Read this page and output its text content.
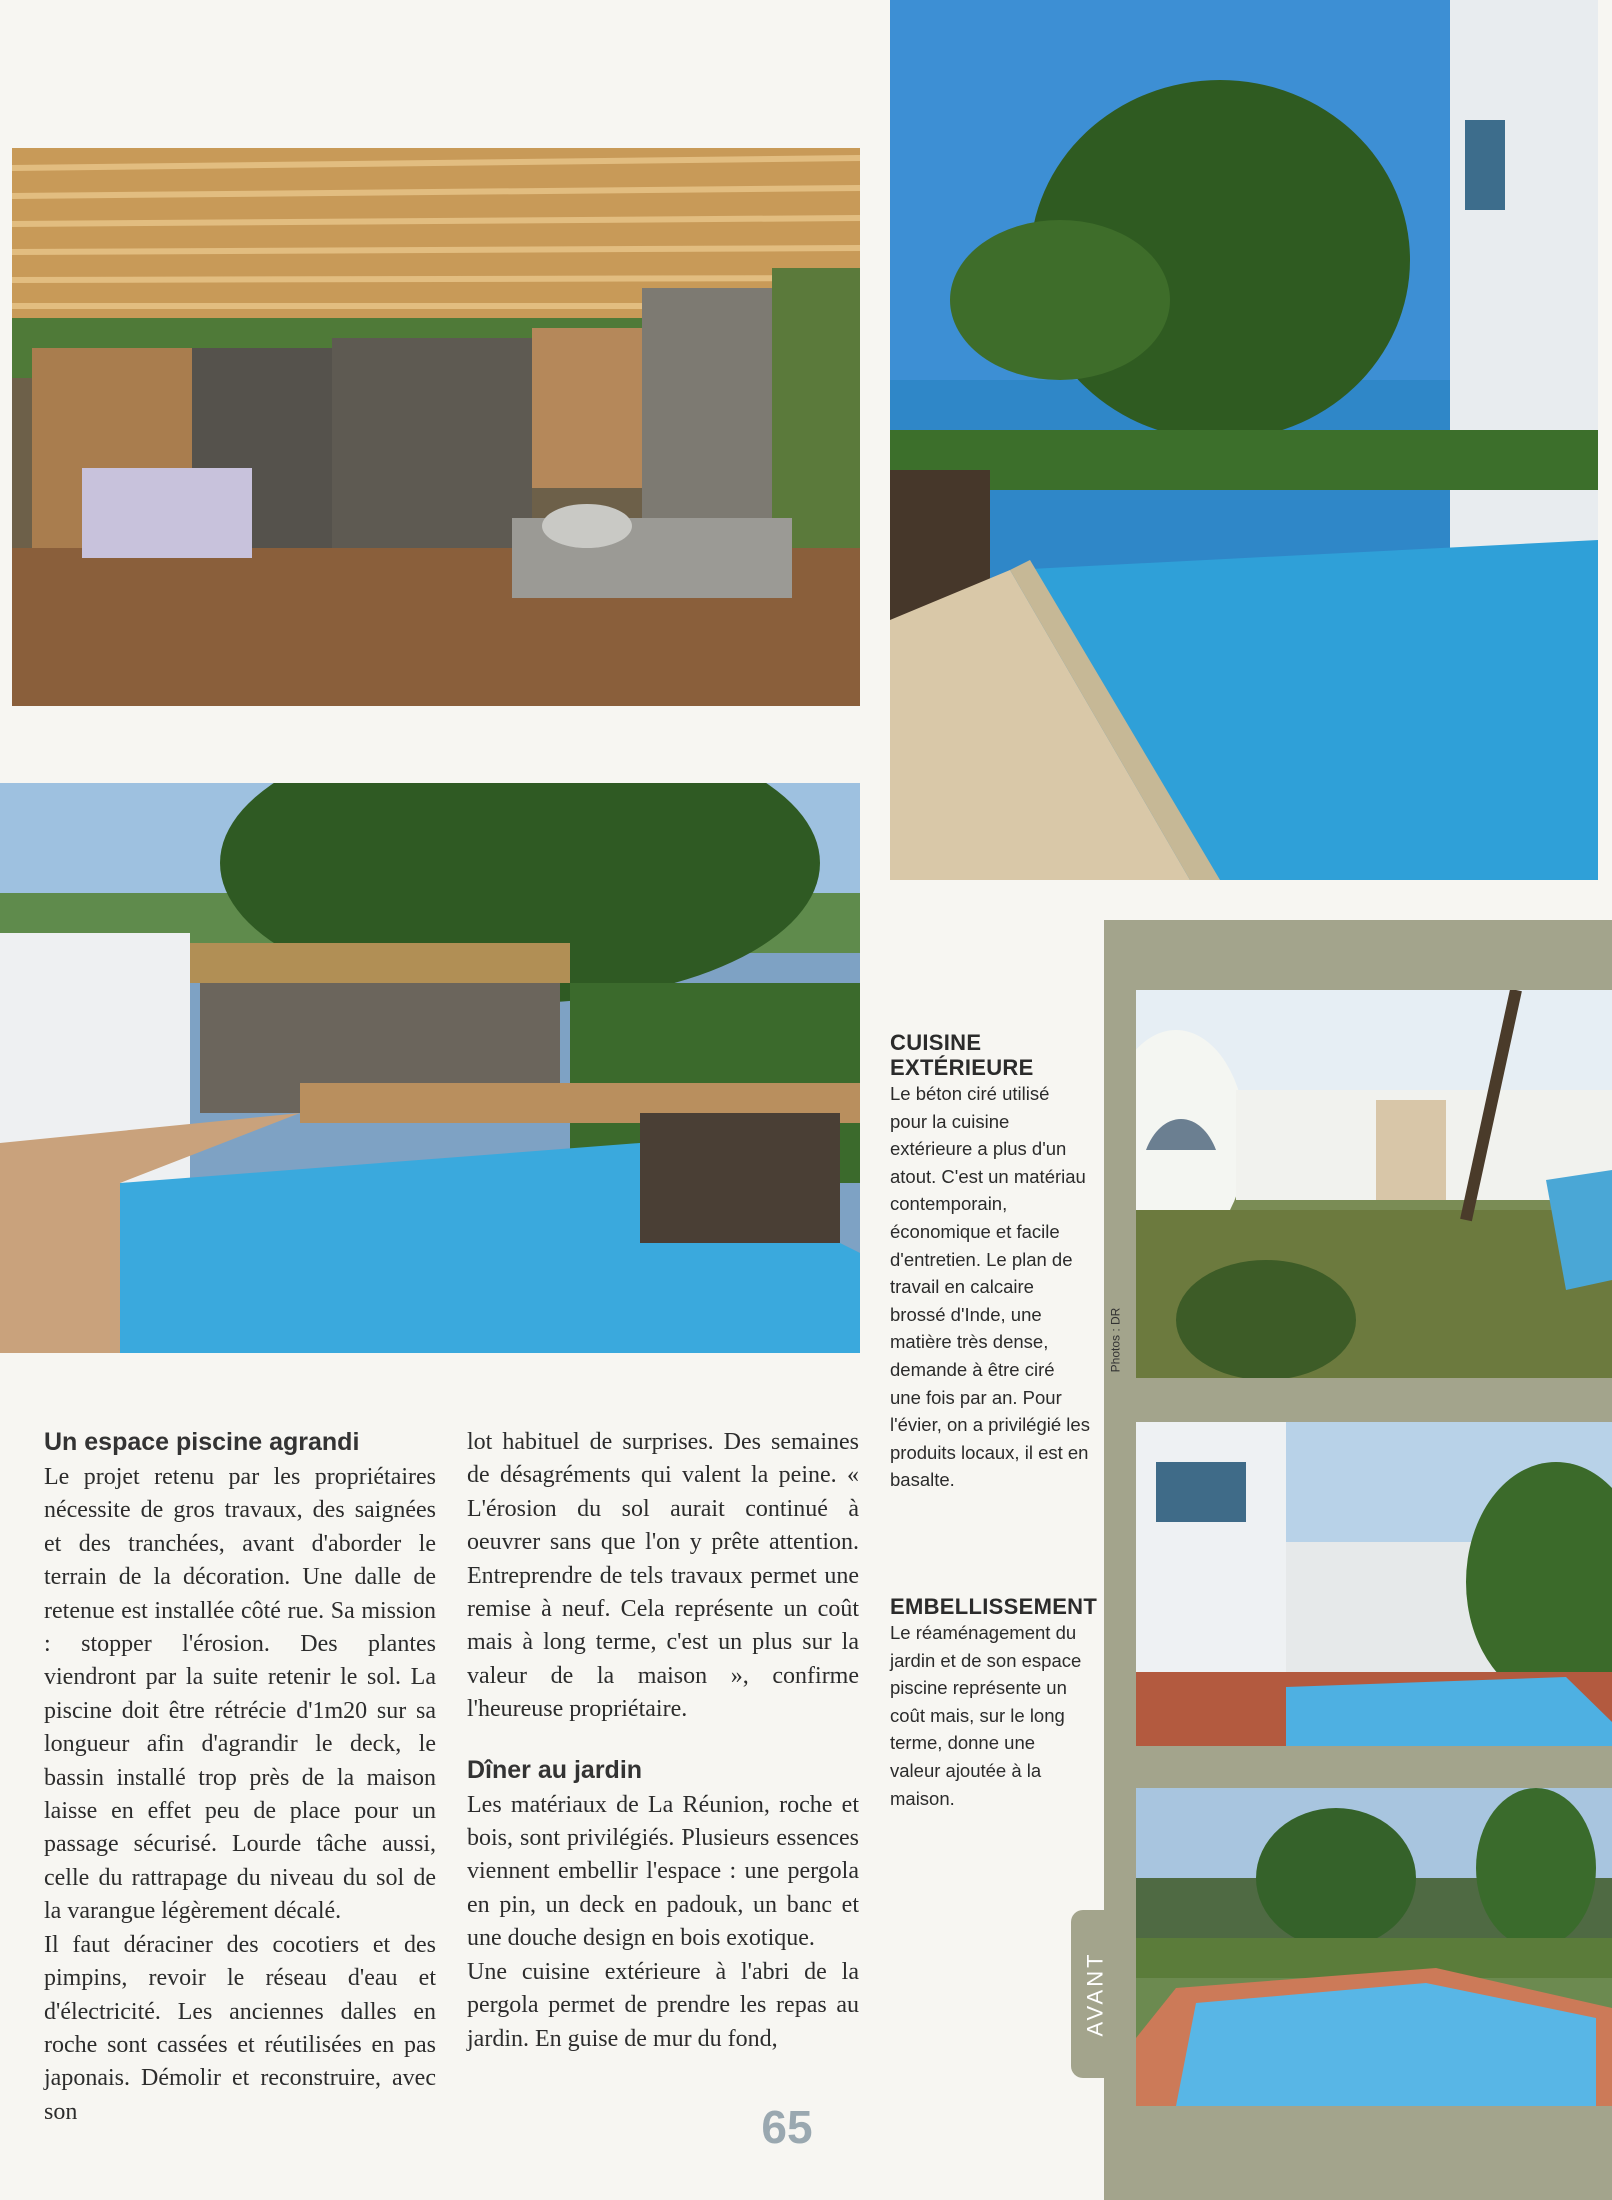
Un espace piscine agrandi

Le projet retenu par les propriétaires nécessite de gros travaux, des saignées et des tranchées, avant d'aborder le terrain de la décoration. Une dalle de retenue est installée côté rue. Sa mission : stopper l'érosion. Des plantes viendront par la suite retenir le sol. La piscine doit être rétrécie d'1m20 sur sa longueur afin d'agrandir le deck, le bassin installé trop près de la maison laisse en effet peu de place pour un passage sécurisé. Lourde tâche aussi, celle du rattrapage du niveau du sol de la varangue légèrement décalé.

Il faut déraciner des cocotiers et des pimpins, revoir le réseau d'eau et d'électricité. Les anciennes dalles en roche sont cassées et réutilisées en pas japonais. Démolir et reconstruire, avec son

lot habituel de surprises. Des semaines de désagréments qui valent la peine. « L'érosion du sol aurait continué à oeuvrer sans que l'on y prête attention. Entreprendre de tels travaux permet une remise à neuf. Cela représente un coût mais à long terme, c'est un plus sur la valeur de la maison », confirme l'heureuse propriétaire.

Dîner au jardin

Les matériaux de La Réunion, roche et bois, sont privilégiés. Plusieurs essences viennent embellir l'espace : une pergola en pin, un deck en padouk, un banc et une douche design en bois exotique.

Une cuisine extérieure à l'abri de la pergola permet de prendre les repas au jardin. En guise de mur du fond,

CUISINE EXTÉRIEURE

Le béton ciré utilisé pour la cuisine extérieure a plus d'un atout. C'est un matériau contemporain, économique et facile d'entretien. Le plan de travail en calcaire brossé d'Inde, une matière très dense, demande à être ciré une fois par an. Pour l'évier, on a privilégié les produits locaux, il est en basalte.

EMBELLISSEMENT

Le réaménagement du jardin et de son espace piscine représente un coût mais, sur le long terme, donne une valeur ajoutée à la maison.

Photos : DR
AVANT
65
